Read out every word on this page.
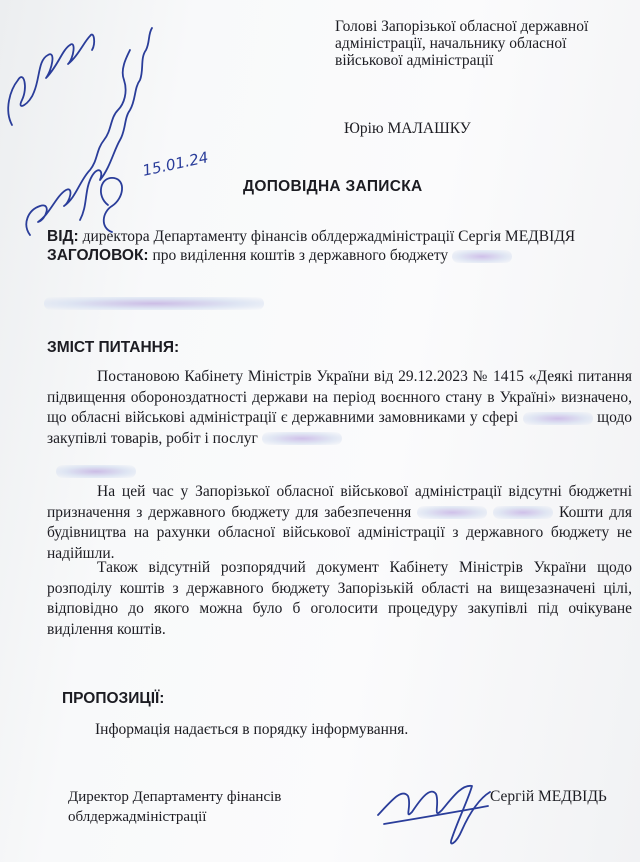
15.01.24
Голові Запорізької обласної державної
адміністрації, начальнику обласної
військової адміністрації
Юрію МАЛАШКУ
ДОПОВІДНА ЗАПИСКА
ВІД: директора Департаменту фінансів облдержадміністрації Сергія МЕДВІДЯ
ЗАГОЛОВОК: про виділення коштів з державного бюджету
ЗМІСТ ПИТАННЯ:
Постановою Кабінету Міністрів України від 29.12.2023 № 1415 «Деякі питання підвищення обороноздатності держави на період воєнного стану в Україні» визначено, що обласні військові адміністрації є державними замовниками у сфері	щодо закупівлі товарів, робіт і послуг
На цей час у Запорізької обласної військової адміністрації відсутні бюджетні призначення з державного бюджету для забезпечення	Кошти для будівництва на рахунки обласної військової адміністрації з державного бюджету не надійшли.
Також відсутній розпорядчий документ Кабінету Міністрів України щодо розподілу коштів з державного бюджету Запорізькій області на вищезазначені цілі, відповідно до якого можна було б оголосити процедуру закупівлі під очікуване виділення коштів.
ПРОПОЗИЦІЇ:
Інформація надається в порядку інформування.
Директор Департаменту фінансів
облдержадміністрації
Сергій МЕДВІДЬ
